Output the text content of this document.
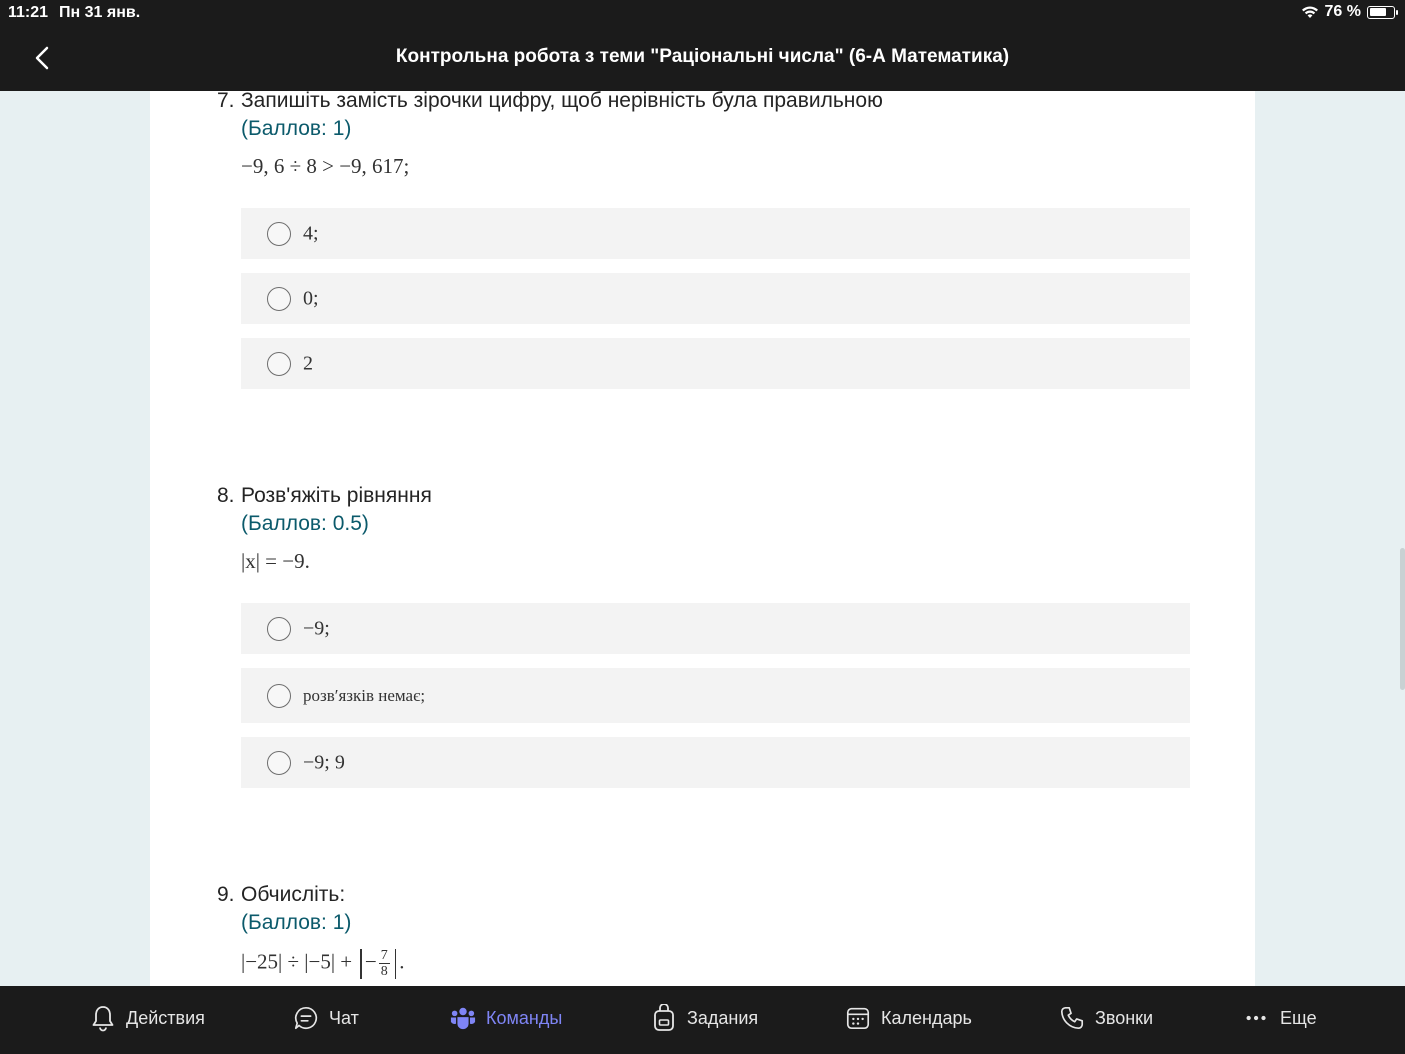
11:21 Пн 31 янв.	76 %
Контрольна робота з теми "Раціональні числа" (6-А Математика)
7. Запишіть замість зірочки цифру, щоб нерівність була правильною
(Баллов: 1)
−9, 6 ÷ 8 > −9, 617;
4;
0;
2
8. Розв'яжіть рівняння
(Баллов: 0.5)
|x| = −9.
−9;
розв′язків немає;
−9; 9
9. Обчисліть:
(Баллов: 1)
|−25| ÷ |−5| + − $\frac{7}{8}$ .
Действия	Чат	Команды	Задания	Календарь	Звонки	Еще
